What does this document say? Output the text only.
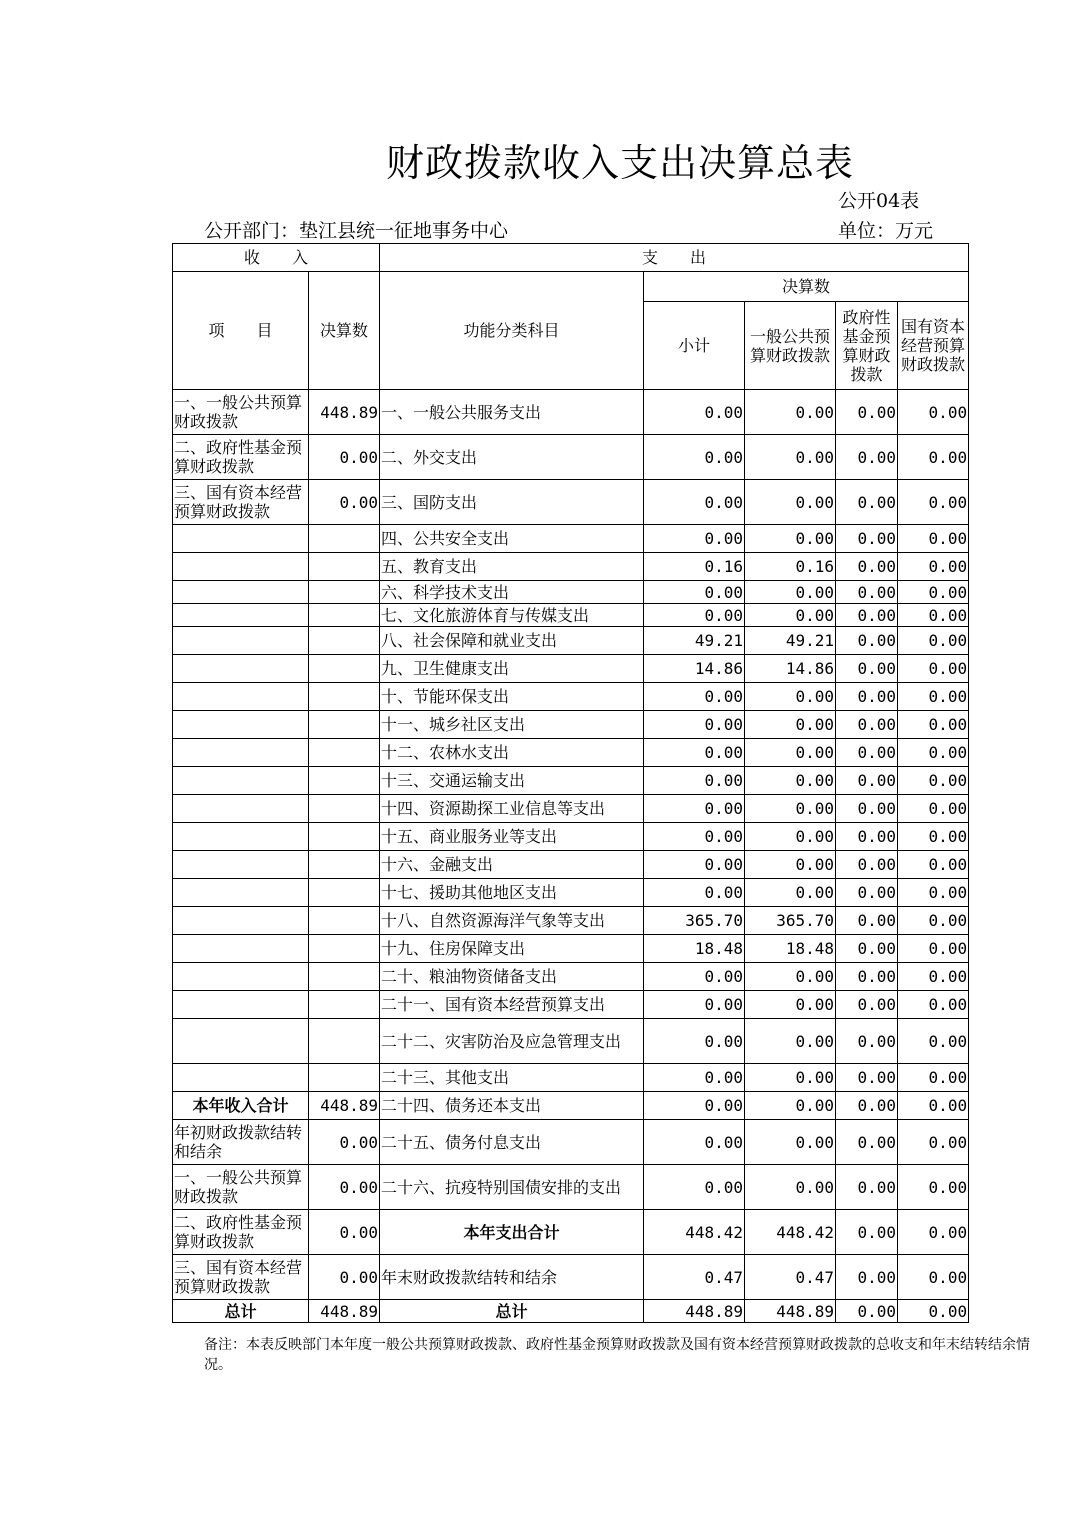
财政拨款收入支出决算总表
公开04表
公开部门：垫江县统一征地事务中心	单位：万元
收　　入		支　　出				
项　　目	决算数	功能分类科目	决算数			
			小计	一般公共预算财政拨款	政府性基金预算财政拨款	国有资本经营预算财政拨款
一、一般公共预算财政拨款	448.89	一、一般公共服务支出	0.00	0.00	0.00	0.00
二、政府性基金预算财政拨款	0.00	二、外交支出	0.00	0.00	0.00	0.00
三、国有资本经营预算财政拨款	0.00	三、国防支出	0.00	0.00	0.00	0.00
		四、公共安全支出	0.00	0.00	0.00	0.00
		五、教育支出	0.16	0.16	0.00	0.00
		六、科学技术支出	0.00	0.00	0.00	0.00
		七、文化旅游体育与传媒支出	0.00	0.00	0.00	0.00
		八、社会保障和就业支出	49.21	49.21	0.00	0.00
		九、卫生健康支出	14.86	14.86	0.00	0.00
		十、节能环保支出	0.00	0.00	0.00	0.00
		十一、城乡社区支出	0.00	0.00	0.00	0.00
		十二、农林水支出	0.00	0.00	0.00	0.00
		十三、交通运输支出	0.00	0.00	0.00	0.00
		十四、资源勘探工业信息等支出	0.00	0.00	0.00	0.00
		十五、商业服务业等支出	0.00	0.00	0.00	0.00
		十六、金融支出	0.00	0.00	0.00	0.00
		十七、援助其他地区支出	0.00	0.00	0.00	0.00
		十八、自然资源海洋气象等支出	365.70	365.70	0.00	0.00
		十九、住房保障支出	18.48	18.48	0.00	0.00
		二十、粮油物资储备支出	0.00	0.00	0.00	0.00
		二十一、国有资本经营预算支出	0.00	0.00	0.00	0.00
		二十二、灾害防治及应急管理支出	0.00	0.00	0.00	0.00
		二十三、其他支出	0.00	0.00	0.00	0.00
本年收入合计	448.89	二十四、债务还本支出	0.00	0.00	0.00	0.00
年初财政拨款结转和结余	0.00	二十五、债务付息支出	0.00	0.00	0.00	0.00
一、一般公共预算财政拨款	0.00	二十六、抗疫特别国债安排的支出	0.00	0.00	0.00	0.00
二、政府性基金预算财政拨款	0.00	本年支出合计	448.42	448.42	0.00	0.00
三、国有资本经营预算财政拨款	0.00	年末财政拨款结转和结余	0.47	0.47	0.00	0.00
总计	448.89	总计	448.89	448.89	0.00	0.00
备注：本表反映部门本年度一般公共预算财政拨款、政府性基金预算财政拨款及国有资本经营预算财政拨款的总收支和年末结转结余情况。
